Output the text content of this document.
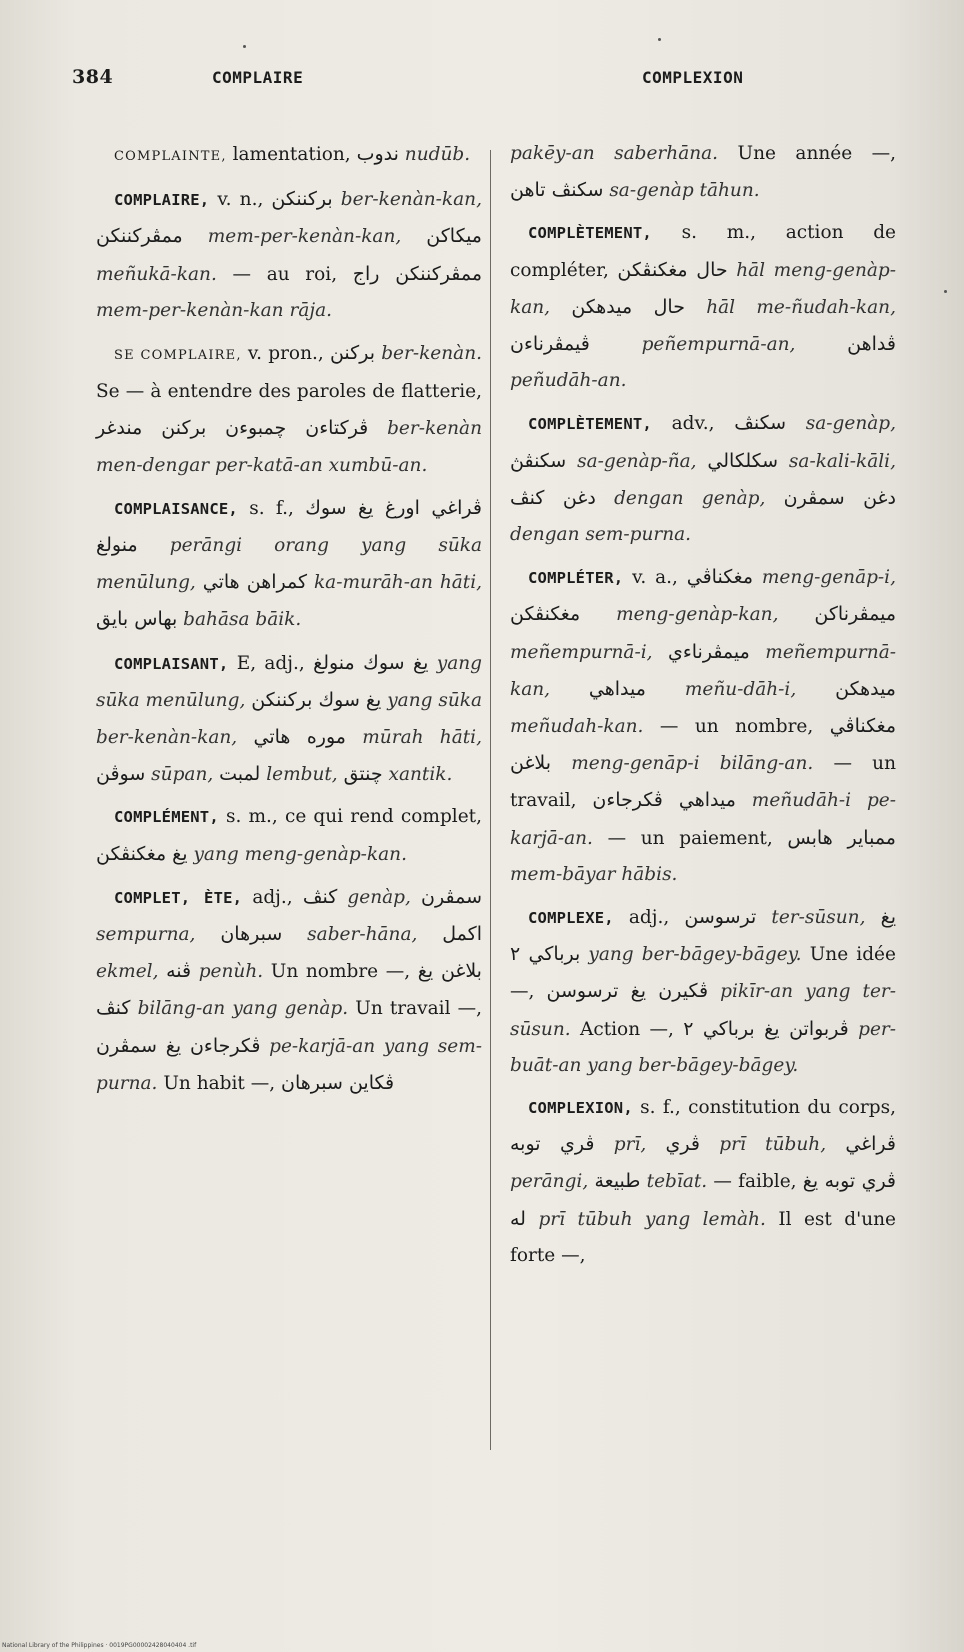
384	COMPLAIRE	COMPLEXION

COMPLAINTE, lamentation, ندوب nudūb.

COMPLAIRE, v. n., بركننكن ber-kenàn-kan, ممڤركننكن mem-per-kenàn-kan, ميكاكن meñukā-kan. — au roi, ممڤركننكن راج mem-per-kenàn-kan rāja.

SE COMPLAIRE, v. pron., بركنن ber-kenàn. Se — à entendre des paroles de flatterie, بركنن مندغر ڤركتاءن چمبوءن ber-kenàn men-dengar per-katā-an xumbū-an.

COMPLAISANCE, s. f., ڤراغي اورغ يغ سوك منولغ perāngi orang yang sūka menūlung, كمراهن هاتي ka-murāh-an hāti, بهاس بايق bahāsa bāik.

COMPLAISANT, E, adj., يغ سوك منولغ yang sūka menūlung, يغ سوك بركننكن yang sūka ber-kenàn-kan, موره هاتي mūrah hāti, سوڤن sūpan, لمبت lembut, چنتق xantik.

COMPLÉMENT, s. m., ce qui rend complet, يغ مغكنڤكن yang meng-genàp-kan.

COMPLET, ÈTE, adj., كنڤ genàp, سمڤرن sempurna, سبرهان saber-hāna, اكمل ekmel, ڤنه penùh. Un nombre —, بلاغن يغ كنڤ bilāng-an yang genàp. Un travail —, ڤكرجاءن يغ سمڤرن pe-karjā-an yang sem-purna. Un habit —, ڤكاين سبرهان

pakēy-an saberhāna. Une année —, سكنڤ تاهن sa-genàp tāhun.

COMPLÈTEMENT, s. m., action de compléter, حال مغكنڤكن hāl meng-genàp-kan, حال ميدهكن hāl me-ñudah-kan, ڤيمڤرناءن	peñempurnā-an,	ڤداهن peñudāh-an.

COMPLÈTEMENT, adv., سكنڤ sa-genàp, سكنڤڽ sa-genàp-ña, سكلكالي sa-kali-kāli, دغن كنڤ dengan genàp, دغن سمڤرن dengan sem-purna.

COMPLÉTER, v. a., مغكناڤي meng-genāp-i, مغكنڤكن meng-genàp-kan, ميمڤرناكن meñempurnā-i, ميمڤرناءي meñempurnā-kan, ميداهي meñu-dāh-i, ميدهكن meñudah-kan. — un nombre, مغكناڤي بلاغن meng-genāp-i bilāng-an. — un travail, ميداهي ڤكرجاءن meñudāh-i pe-karjā-an. — un paiement, ممباير هابس mem-bāyar hābis.

COMPLEXE, adj., ترسوسن ter-sūsun, يغ برباكي ٢ yang ber-bāgey-bāgey. Une idée —, ڤكيرن يغ ترسوسن pikīr-an yang ter-sūsun. Action —, ڤربواتن يغ برباكي ٢ per-buāt-an yang ber-bāgey-bāgey.

COMPLEXION, s. f., constitution du corps, ڤري توبه prī, ڤري prī tūbuh, ڤراغي perāngi, طبيعة tebīat. — faible, ڤري توبه يغ له prī tūbuh yang lemàh. Il est d'une forte —,

National Library of the Philippines · 0019PG00002428040404 .tif
